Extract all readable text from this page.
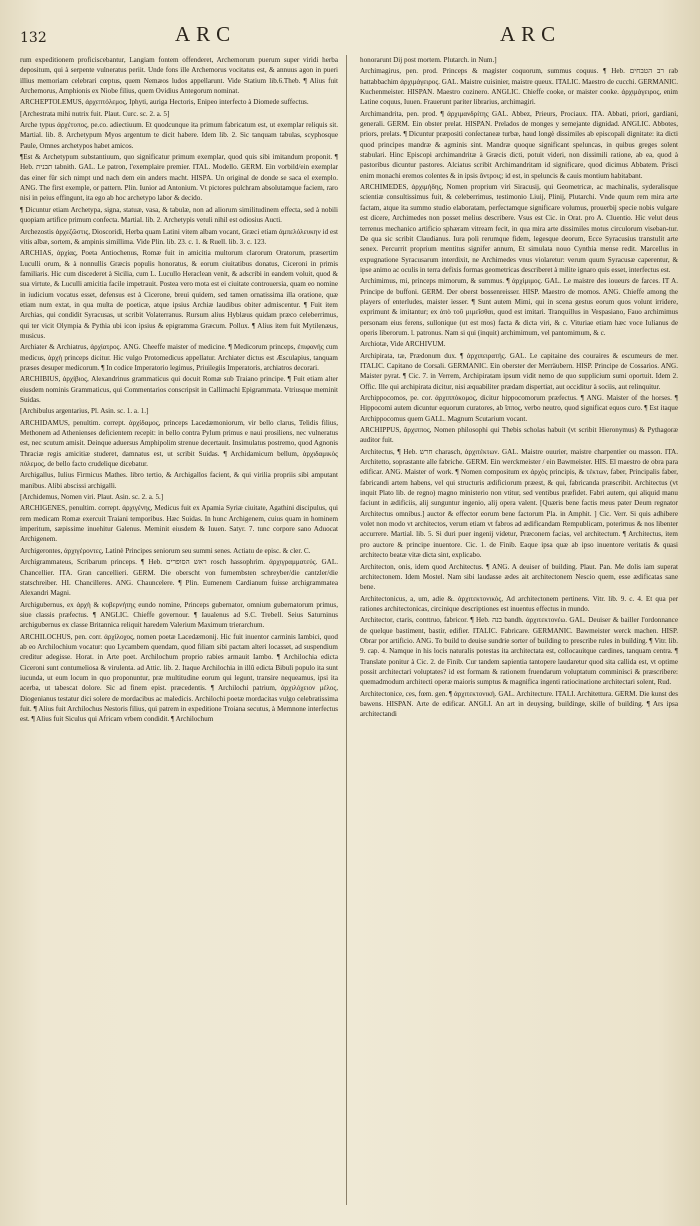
132	ARC	ARC

rum expeditionem proficiscebantur, Langiam fontem offenderet, Archemorum puerum super viridi herba depositum, qui à serpente vulneratus periit. Unde fons ille Archemorus vocitatus est, & annuus agon in pueri illius memoriam celebrari cœptus, quem Nemæos ludos appellarunt. Vide Statium lib.6.Theb. ¶ Alius fuit Archemorus, Amphionis ex Niobe filius, quem Ovidius Antegorum nominat.

ARCHEPTOLEMUS, ἀρχεπτόλεμος, Iphyti, auriga Hectoris, Enipeo interfecto à Diomede suffectus.

[Archestrata mihi nutrix fuit. Plaut. Curc. sc. 2. a. 5]

Arche typus ἀρχέτυπος, pe.co. adiectiuum. Et quodcunque ita primum fabricatum est, ut exemplar reliquis sit. Martial. lib. 8. Archetypum Myos argentum te dicit habere. Idem lib. 2. Sic tanquam tabulas, scyphosque Paule, Omnes archetypos habet amicos.

¶Est & Archetypum substantiuum, quo significatur primum exemplar, quod quis sibi imitandum proponit. ¶ Heb. תבנית tabnith. GAL. Le patron, l'exemplaire premier. ITAL. Modello. GERM. Ein vorbild/ein exemplar das einer für sich nimpt und nach dem ein anders macht. HISPA. Un original de donde se saca el exemplo. ANG. The first exemple, or pattern. Plin. Iunior ad Antonium. Vt pictores pulchram absolutamque faciem, raro nisi in peius effingunt, ita ego ab hoc archetypo labor & decido.

¶ Dicuntur etiam Archetypa, signa, statuæ, vasa, & tabulæ, non ad aliorum similitudinem effecta, sed à nobili quopiam artifice primum confecta. Martial. lib. 2. Archetypis vetuli nihil est odiosius Aucti.

Archezostis ἀρχεζῶστις, Dioscoridi, Herba quam Latini vitem albam vocant, Græci etiam ἀμπελόλευκην id est vitis albæ, sortem, & ampinis simillima. Vide Plin. lib. 23. c. 1. & Ruell. lib. 3. c. 123.

ARCHIAS, ἀρχίας, Poeta Antiochenus, Romæ fuit in amicitia multorum clarorum Oratorum, præsertim Luculli orum, & à nonnullis Græcis populis honoratus, & eorum ciuitatibus donatus, Ciceroni in primis familiaris. Hic cum discederet à Sicilia, cum L. Lucullo Heraclean venit, & adscribi in eandem voluit, quod & sua virtute, & Luculli amicitia facile impetrauit. Postea vero mota est ei ciuitate controuersia, quam eo nomine in iudicium vocatus esset, defensus est à Cicerone, breui quidem, sed tamen ornatissima illa oratione, quæ etiam num extat, in qua multa de poeticæ, atque ipsius Archiæ laudibus obiter admiscentur. ¶ Fuit item Archias, qui condidit Syracusas, ut scribit Volaterranus. Rursum alius Hyblæus quidam præco celeberrimus, qui ter vicit Olympia & Pythia ubi icon ipsius & epigramma Græcum. Pollux. ¶ Alius item fuit Mytilenæus, musicus.

Archiater & Archiatrus, ἀρχίατρος. ANG. Cheeffe maister of medicine. ¶ Medicorum princeps, ἐπιφανής cum medicus, ἀρχὴ princeps dicitur. Hic vulgo Protomedicus appellatur. Archiater dictus est Æsculapius, tanquam præses desuper medicorum. ¶ In codice Imperatorio legimus, Priuilegiis Imperatoris, archiatros decorari.

ARCHIBIUS, ἀρχίβιος, Alexandrinus grammaticus qui docuit Romæ sub Traiano principe. ¶ Fuit etiam alter eiusdem nominis Grammaticus, qui Commentarios conscripsit in Callimachi Epigrammata. Vtriusque meminit Suidas.

[Archibulus argentarius, Pl. Asin. sc. 1. a. 1.]

ARCHIDAMUS, penultim. corrept. ἀρχίδαμος, princeps Lacedæmoniorum, vir bello clarus, Telidis filius, Methonem ad Athenienses deficientem recepit: in bello contra Pylum primus e naui prosiliens, nec vulneratus est, nec scutum amisit. Deinque aduersus Amphipolim strenue decertauit. Insimulatus postremo, quod Agnonis Thraciæ regis amicitiæ studeret, damnatus est, ut scribit Suidas. ¶ Archidamicum bellum, ἀρχιδαμικὸς πόλεμος, de bello facto crudelique dicebatur.

Archigallus, Iulius Firmicus Mathes. libro tertio, & Archigallos facient, & qui virilia propriis sibi amputant manibus. Alibi abscissi archigalli.

[Archidemus, Nomen viri. Plaut. Asin. sc. 2. a. 5.]

ARCHIGENES, penultim. corrept. ἀρχιγένης, Medicus fuit ex Apamia Syriæ ciuitate, Agathini discipulus, qui rem medicam Romæ exercuit Traiani temporibus. Hæc Suidas. In hunc Archigenem, cuius quam in hominem imperitum, sæpissime inuehitur Galenus. Meminit eiusdem & Iuuen. Satyr. 7. tunc corpore sano Aduocat Archigenem.

Archigerontes, ἀρχιγέροντες, Latinè Principes seniorum seu summi senes. Actiatu de episc. & cler. C.

Archigrammateus, Scribarum princeps. ¶ Heb. ראש הסופרים rosch hassophrim. ἀρχιγραμματεύς. GAL. Chancellier. ITA. Gran cancellieri. GERM. Die oberscht von furnembsten schreyber/die cantzler/die statschreiber. HI. Chancilleres. ANG. Chauncelere. ¶ Plin. Eumenem Cardianum fuisse archigrammatea Alexandri Magni.

Archigubernus, ex ἀρχὴ & κυβερνήτης eundo nomine, Princeps gubernator, omnium gubernatorum primus, siue classis præfectus. ¶ ANGLIC. Chieffe governour. ¶ Iaualenus ad S.C. Trebell. Seius Saturninus archigubernus ex classe Britannica reliquit haredem Valerium Maximum trierarchum.

ARCHILOCHUS, pen. corr. ἀρχίλοχος, nomen poetæ Lacedæmonij. Hic fuit inuentor carminis Iambici, quod ab eo Archilochium vocatur: quo Lycambem quendam, quod filiam sibi pactam alteri locasset, ad suspendium creditur adegisse. Horat. in Arte poet. Archilochum proprio rabies armauit Iambo. ¶ Archilochia edicta Ciceroni sunt contumeliosa & virulenta. ad Attic. lib. 2. Itaque Archilochia in illū edicta Bibuli populo ita sunt iucunda, ut eum locum in quo proponuntur, præ multitudine eorum qui legunt, transire nequeamus, ipsi ita acerba, ut tabescat dolore. Sic ad finem epist. præcedentis. ¶ Archilochi patrium, ἀρχιλόχειον μέλος, Diogenianus testatur dici solere de mordacibus ac maledicis. Archilochi poetæ mordacitas vulgo celebratissima fuit. ¶ Alius fuit Archilochus Nestoris filius, qui patrem in expeditione Troiana secutus, à Memnone interfectus est. ¶ Alius fuit Siculus qui Africam vrbem condidit. ¶ Archilochum

honorarunt Dij post mortem. Plutarch. in Num.]

Archimagirus, pen. prod. Princeps & magister coquorum, summus coquus. ¶ Heb. רב הטבחים rab hattabbachim ἀρχιμάγειρος. GAL. Maistre cuisinier, maistre queux. ITALIC. Maestro de cucchi. GERMANIC. Kuchenmeister. HISPAN. Maestro cozinero. ANGLIC. Chieffe cooke, or maister cooke. ἀρχιμάγειρος, enim Latine coquus, Iuuen. Frauerunt pariter librarius, archimagiri.

Archimandrita, pen. prod. ¶ ἀρχιμανδρίτης GAL. Abbez, Prieurs, Prociaux. ITA. Abbati, priori, gardiani, generali. GERM. Ein obster prelat. HISPAN. Prelados de monges y semejante dignidad. ANGLIC. Abbotes, priors, prelats. ¶ Dicuntur præpositi conſectaneæ turbæ, haud longè dissimiles ab episcopali dignitate: ita dicti quod principes mandræ & agminis sint. Mandræ quoque significant speluncas, in quibus greges solent stabulari. Hinc Episcopi archimandritæ à Græcis dicti, potuit videri, non dissimili ratione, ab ea, quod à pastoribus dicuntur pastores. Alciatus scribit Archimandritam id significare, quod dicimus Abbatem. Prisci enim monachi eremos colentes & in ipsis ἄντροις; id est, in speluncis & cauis montium habitabant.

ARCHIMEDES, ἀρχιμήδης, Nomen proprium viri Siracusij, qui Geometricæ, ac machinalis, syderalisque scientiæ consultissimus fuit, & celeberrimus, testimonio Liuij, Plinij, Plutarchi. Vnde quum rem mira arte factam, atque ita summo studio elaboratam, perfectamque significare volumus, prouerbij specie nobis vulgare est dicere, Archimedes non posset melius describere. Vsus est Cic. in Orat. pro A. Cluentio. Hic velut deus terrenus mechanico artificio sphæram vitream fecit, in qua mira arte dissimiles motus circulorum viseban-tur. De qua sic scribit Claudianus. Iura poli rerumque fidem, legesque deorum, Ecce Syracusius transtulit arte senex. Percurrit proprium mentitus signifer annum, Et simulata nouo Cynthia mense redit. Marcellus in expugnatione Syracusarum interdixit, ne Archimedes vnus violaretur: verum quum Syracusæ caperentur, & ipse animo ac oculis in terra defixis formas geometricas describeret à milite ignaro quis esset, interfectus est.

Archimimus, mi, princeps mimorum, & summus. ¶ ἀρχίμιμος. GAL. Le maistre des ioueurs de farces. IT A. Principe de buffoni. GERM. Der oberst bossenreisser. HISP. Maestro de momos. ANG. Chieffe among the players of enterludes, maister iesser. ¶ Sunt autem Mimi, qui in scena gestus eorum quos volunt irridere, exprimunt & imitantur; ex ἀπὸ τοῦ μιμεῖσθαι, quod est imitari. Tranquillus in Vespasiano, Fauo archimimus personam eius ferens, sullonique (ut est mos) facta & dicta viri, & c. Vituriae etiam hæc voce Iulianus de operis liberorum. l. patronus. Nam si qui (inquit) archimimum, vel pantomimum, & c.

Archiotæ, Vide ARCHIVUM.

Archipirata, tæ, Prædonum dux. ¶ ἀρχιπειρατής. GAL. Le capitaine des couraires & escumeurs de mer. ITALIC. Capitano de Corsali. GERMANIC. Ein oberster der Merräubern. HISP. Principe de Cossarios. ANG. Maister pyrat. ¶ Cic. 7. in Verrem, Archipiratam ipsum vidit nemo de quo supplicium sumi oportuit. Idem 2. Offic. Ille qui archipirata dicitur, nisi æquabiliter prædam dispertiat, aut occiditur à sociis, aut relinquitur.

Archippocomos, pe. cor. ἀρχιππόκομος, dicitur hippocomorum præfectus. ¶ ANG. Maister of the horses. ¶ Hippocomi autem dicuntur equorum curatores, ab ἵππος, verbo neutro, quod significat equos curo. ¶ Est itaque Archippocomus quem GALL. Magnum Scutarium vocant.

ARCHIPPUS, ἄρχιππος, Nomen philosophi qui Thebis scholas habuit (vt scribit Hieronymus) & Pythagoræ auditor fuit.

Architectus, ¶ Heb. חרש charasch, ἀρχιτέκτων. GAL. Maistre ouurier, maistre charpentier ou masson. ITA. Architetto, soprastante alle fabriche. GERM. Ein werckmeister / ein Bawmeister. HIS. El maestro de obra para edificar. ANG. Maister of work. ¶ Nomen compositum ex ἀρχὸς principis, & τέκτων, faber, Principalis faber, fabricandi artem habens, vel qui structuris ædificiorum præest, & qui, fabricanda præscribit. Architectus (vt inquit Plato lib. de regno) magno ministerio non vtitur, sed ventibus præfidet. Fabri autem, qui aliquid manu faciunt in ædificiis, alij sunguntur ingenio, alij opera valent. [Quæris bene factis meus pater Deum regnator Architectus omnibus.] auctor & effector eorum bene factorum Pla. in Amphit. ] Cic. Verr. Si quis adhibere volet non modo vt architectos, verum etiam vt fabros ad ædificandam Rempublicam, poterimus & nos libenter accurrere. Martial. lib. 5. Si duri puer ingenij videtur, Præconem facias, vel architectum. ¶ Architectus, item pro auctore & principe inuentore. Cic. 1. de Finib. Eaque ipsa quæ ab ipso inuentore veritatis & quasi architecto beatæ vitæ dicta sint, explicabo.

Architecton, onis, idem quod Architectus. ¶ ANG. A deuiser of building. Plaut. Pan. Me dolis iam superat architectonem. Idem Mostel. Nam sibi laudasse ædes ait architectonem Nescio quem, esse ædificatas sane bene.

Architectonicus, a, um, adie &. ἀρχιτεκτονικός, Ad architectonem pertinens. Vitr. lib. 9. c. 4. Et qua per rationes architectonicas, circinique descriptiones est inuentus effectus in mundo.

Architector, ctaris, conttruo, fabricor. ¶ Heb. בנה bandh. ἀρχιτεκτονέω. GAL. Deuiser & bailler l'ordonnance de quelque bastiment, bastir, edifier. ITALIC. Fabricare. GERMANIC. Bawmeister werck machen. HISP. Obrar por artificio. ANG. To build to deuise sundrie sorter of building to prescribe rules in building. ¶ Vitr. lib. 9. cap. 4. Namque in his locis naturalis potestas ita architectata est, collocauitque cardines, tanquam centra. ¶ Translate ponitur à Cic. 2. de Finib. Cur tandem sapientia tantopere laudaretur quod sita callida est, vt optime possit architectari voluptates? id est formam & rationem fruendarum voluptatum comminisci & præscribere: quemadmodum architecti operæ maioris sumptus & magnifica ingenti ratiocinatione architectari solent, Rud.

Architectonice, ces, fœm. gen. ¶ ἀρχιτεκτονική. GAL. Architecture. ITALI. Architettura. GERM. Die kunst des bawens. HISPAN. Arte de edificar. ANGLI. An art in deuysing, buildinge, skille of building. ¶ Ars ipsa architectandi
